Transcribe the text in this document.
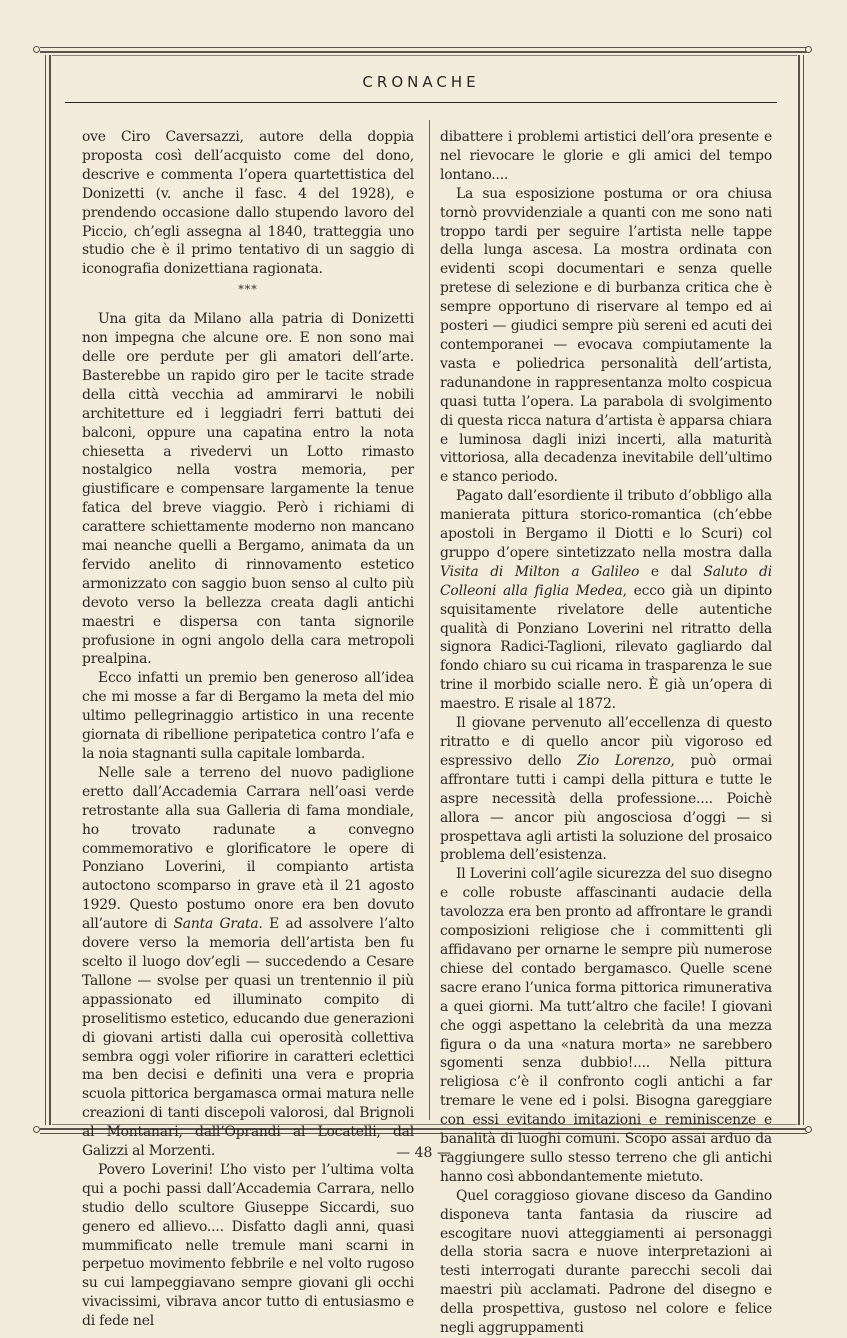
CRONACHE

ove Ciro Caversazzi, autore della doppia proposta così dell’acquisto come del dono, descrive e commenta l’opera quartettistica del Donizetti (v. anche il fasc. 4 del 1928), e prendendo occasione dallo stupendo lavoro del Piccio, ch’egli assegna al 1840, tratteggia uno studio che è il primo tentativo di un saggio di iconografia donizettiana ragionata.

***

Una gita da Milano alla patria di Donizetti non impegna che alcune ore. E non sono mai delle ore perdute per gli amatori dell’arte. Basterebbe un rapido giro per le tacite strade della città vecchia ad ammirarvi le nobili architetture ed i leggiadri ferri battuti dei balconi, oppure una capatina entro la nota chiesetta a rivedervi un Lotto rimasto nostalgico nella vostra memoria, per giustificare e compensare largamente la tenue fatica del breve viaggio. Però i richiami di carattere schiettamente moderno non mancano mai neanche quelli a Bergamo, animata da un fervido anelito di rinnovamento estetico armonizzato con saggio buon senso al culto più devoto verso la bellezza creata dagli antichi maestri e dispersa con tanta signorile profusione in ogni angolo della cara metropoli prealpina.

Ecco infatti un premio ben generoso all’idea che mi mosse a far di Bergamo la meta del mio ultimo pellegrinaggio artistico in una recente giornata di ribellione peripatetica contro l’afa e la noia stagnanti sulla capitale lombarda.

Nelle sale a terreno del nuovo padiglione eretto dall’Accademia Carrara nell’oasi verde retrostante alla sua Galleria di fama mondiale, ho trovato radunate a convegno commemorativo e glorificatore le opere di Ponziano Loverini, il compianto artista autoctono scomparso in grave età il 21 agosto 1929. Questo postumo onore era ben dovuto all’autore di Santa Grata. E ad assolvere l’alto dovere verso la memoria dell’artista ben fu scelto il luogo dov’egli — succedendo a Cesare Tallone — svolse per quasi un trentennio il più appassionato ed illuminato compito di proselitismo estetico, educando due generazioni di giovani artisti dalla cui operosità collettiva sembra oggi voler rifiorire in caratteri eclettici ma ben decisi e definiti una vera e propria scuola pittorica bergamasca ormai matura nelle creazioni di tanti discepoli valorosi, dal Brignoli al Montanari, dall’Oprandi al Locatelli, dal Galizzi al Morzenti.

Povero Loverini! L’ho visto per l’ultima volta qui a pochi passi dall’Accademia Carrara, nello studio dello scultore Giuseppe Siccardi, suo genero ed allievo.... Disfatto dagli anni, quasi mummificato nelle tremule mani scarni in perpetuo movimento febbrile e nel volto rugoso su cui lampeggiavano sempre giovani gli occhi vivacissimi, vibrava ancor tutto di entusiasmo e di fede nel

dibattere i problemi artistici dell’ora presente e nel rievocare le glorie e gli amici del tempo lontano....

La sua esposizione postuma or ora chiusa tornò provvidenziale a quanti con me sono nati troppo tardi per seguire l’artista nelle tappe della lunga ascesa. La mostra ordinata con evidenti scopi documentari e senza quelle pretese di selezione e di burbanza critica che è sempre opportuno di riservare al tempo ed ai posteri — giudici sempre più sereni ed acuti dei contemporanei — evocava compiutamente la vasta e poliedrica personalità dell’artista, radunandone in rappresentanza molto cospicua quasi tutta l’opera. La parabola di svolgimento di questa ricca natura d’artista è apparsa chiara e luminosa dagli inizi incerti, alla maturità vittoriosa, alla decadenza inevitabile dell’ultimo e stanco periodo.

Pagato dall’esordiente il tributo d’obbligo alla manierata pittura storico-romantica (ch’ebbe apostoli in Bergamo il Diotti e lo Scuri) col gruppo d’opere sintetizzato nella mostra dalla Visita di Milton a Galileo e dal Saluto di Colleoni alla figlia Medea, ecco già un dipinto squisitamente rivelatore delle autentiche qualità di Ponziano Loverini nel ritratto della signora Radici-Taglioni, rilevato gagliardo dal fondo chiaro su cui ricama in trasparenza le sue trine il morbido scialle nero. È già un’opera di maestro. E risale al 1872.

Il giovane pervenuto all’eccellenza di questo ritratto e di quello ancor più vigoroso ed espressivo dello Zio Lorenzo, può ormai affrontare tutti i campi della pittura e tutte le aspre necessità della professione.... Poichè allora — ancor più angosciosa d’oggi — si prospettava agli artisti la soluzione del prosaico problema dell’esistenza.

Il Loverini coll’agile sicurezza del suo disegno e colle robuste affascinanti audacie della tavolozza era ben pronto ad affrontare le grandi composizioni religiose che i committenti gli affidavano per ornarne le sempre più numerose chiese del contado bergamasco. Quelle scene sacre erano l’unica forma pittorica rimunerativa a quei giorni. Ma tutt’altro che facile! I giovani che oggi aspettano la celebrità da una mezza figura o da una «natura morta» ne sarebbero sgomenti senza dubbio!.... Nella pittura religiosa c’è il confronto cogli antichi a far tremare le vene ed i polsi. Bisogna gareggiare con essi evitando imitazioni e reminiscenze e banalità di luoghi comuni. Scopo assai arduo da raggiungere sullo stesso terreno che gli antichi hanno così abbondantemente mietuto.

Quel coraggioso giovane disceso da Gandino disponeva tanta fantasia da riuscire ad escogitare nuovi atteggiamenti ai personaggi della storia sacra e nuove interpretazioni ai testi interrogati durante parecchi secoli dai maestri più acclamati. Padrone del disegno e della prospettiva, gustoso nel colore e felice negli aggruppamenti

— 48 —
